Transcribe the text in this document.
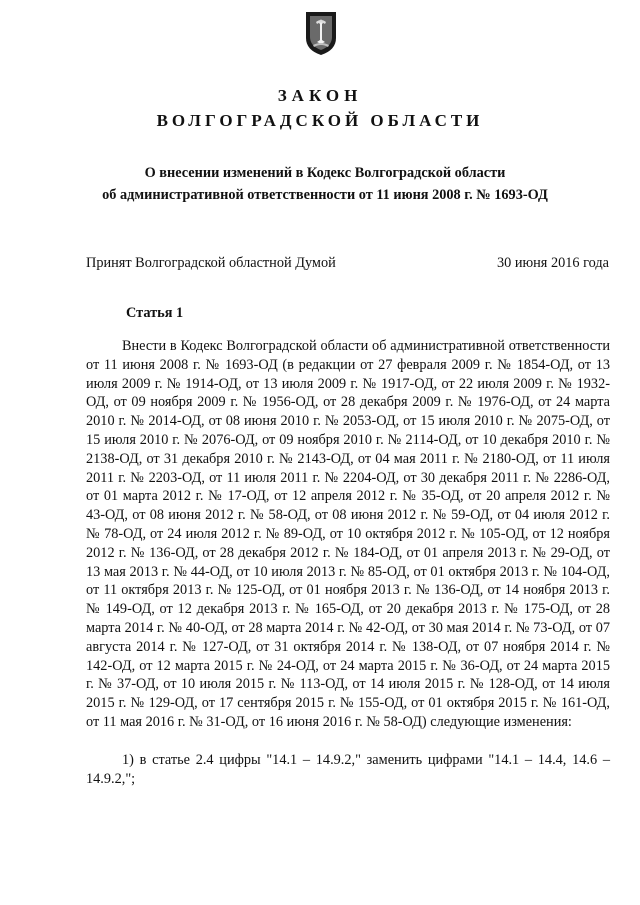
ЗАКОН
ВОЛГОГРАДСКОЙ ОБЛАСТИ
О внесении изменений в Кодекс Волгоградской области
об административной ответственности от 11 июня 2008 г. № 1693-ОД
Принят Волгоградской областной Думой	30 июня 2016 года
Статья 1

Внести в Кодекс Волгоградской области об административной ответственности от 11 июня 2008 г. № 1693-ОД (в редакции от 27 февраля 2009 г. № 1854-ОД, от 13 июля 2009 г. № 1914-ОД, от 13 июля 2009 г. № 1917-ОД, от 22 июля 2009 г. № 1932-ОД, от 09 ноября 2009 г. № 1956-ОД, от 28 декабря 2009 г. № 1976-ОД, от 24 марта 2010 г. № 2014-ОД, от 08 июня 2010 г. № 2053-ОД, от 15 июля 2010 г. № 2075-ОД, от 15 июля 2010 г. № 2076-ОД, от 09 ноября 2010 г. № 2114-ОД, от 10 декабря 2010 г. № 2138-ОД, от 31 декабря 2010 г. № 2143-ОД, от 04 мая 2011 г. № 2180-ОД, от 11 июля 2011 г. № 2203-ОД, от 11 июля 2011 г. № 2204-ОД, от 30 декабря 2011 г. № 2286-ОД, от 01 марта 2012 г. № 17-ОД, от 12 апреля 2012 г. № 35-ОД, от 20 апреля 2012 г. № 43-ОД, от 08 июня 2012 г. № 58-ОД, от 08 июня 2012 г. № 59-ОД, от 04 июля 2012 г. № 78-ОД, от 24 июля 2012 г. № 89-ОД, от 10 октября 2012 г. № 105-ОД, от 12 ноября 2012 г. № 136-ОД, от 28 декабря 2012 г. № 184-ОД, от 01 апреля 2013 г. № 29-ОД, от 13 мая 2013 г. № 44-ОД, от 10 июля 2013 г. № 85-ОД, от 01 октября 2013 г. № 104-ОД, от 11 октября 2013 г. № 125-ОД, от 01 ноября 2013 г. № 136-ОД, от 14 ноября 2013 г. № 149-ОД, от 12 декабря 2013 г. № 165-ОД, от 20 декабря 2013 г. № 175-ОД, от 28 марта 2014 г. № 40-ОД, от 28 марта 2014 г. № 42-ОД, от 30 мая 2014 г. № 73-ОД, от 07 августа 2014 г. № 127-ОД, от 31 октября 2014 г. № 138-ОД, от 07 ноября 2014 г. № 142-ОД, от 12 марта 2015 г. № 24-ОД, от 24 марта 2015 г. № 36-ОД, от 24 марта 2015 г. № 37-ОД, от 10 июля 2015 г. № 113-ОД, от 14 июля 2015 г. № 128-ОД, от 14 июля 2015 г. № 129-ОД, от 17 сентября 2015 г. № 155-ОД, от 01 октября 2015 г. № 161-ОД, от 11 мая 2016 г. № 31-ОД, от 16 июня 2016 г. № 58-ОД) следующие изменения:

1) в статье 2.4 цифры "14.1 – 14.9.2," заменить цифрами "14.1 – 14.4, 14.6 – 14.9.2,";
